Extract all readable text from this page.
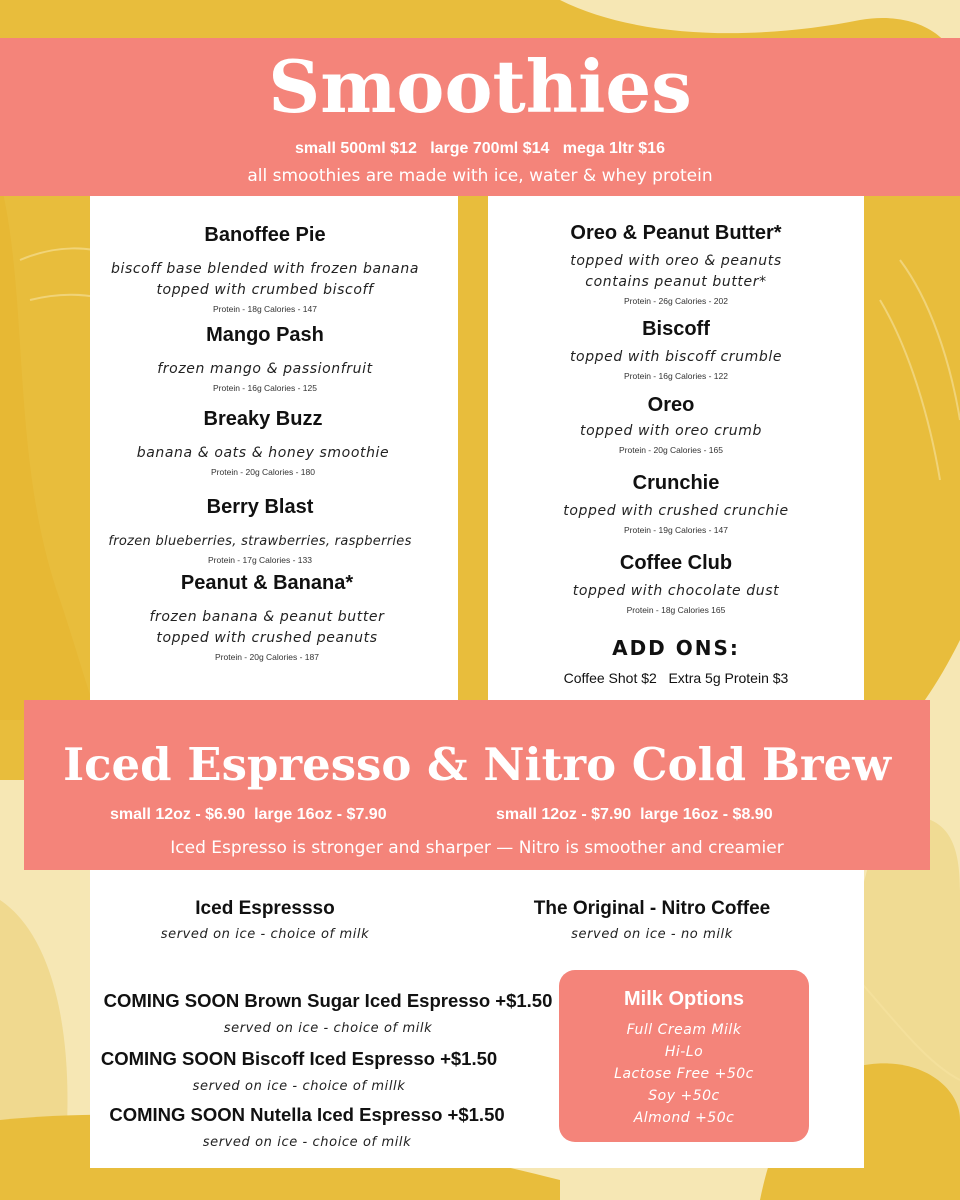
Smoothies
small 500ml $12   large 700ml $14   mega 1ltr $16
all smoothies are made with ice, water & whey protein
Banoffee Pie
biscoff base blended with frozen banana
topped with crumbed biscoff
Protein - 18g Calories - 147
Mango Pash
frozen mango & passionfruit
Protein - 16g Calories - 125
Breaky Buzz
banana & oats & honey smoothie
Protein - 20g Calories - 180
Berry Blast
frozen blueberries, strawberries, raspberries
Protein - 17g Calories - 133
Peanut & Banana*
frozen banana & peanut butter
topped with crushed peanuts
Protein - 20g Calories - 187
Oreo & Peanut Butter*
topped with oreo & peanuts
contains peanut butter*
Protein - 26g Calories - 202
Biscoff
topped with biscoff crumble
Protein - 16g Calories - 122
Oreo
topped with oreo crumb
Protein - 20g Calories - 165
Crunchie
topped with crushed crunchie
Protein - 19g Calories - 147
Coffee Club
topped with chocolate dust
Protein - 18g Calories 165
ADD ONS:
Coffee Shot $2   Extra 5g Protein $3
Iced Espresso & Nitro Cold Brew
small 12oz - $6.90  large 16oz - $7.90	small 12oz - $7.90  large 16oz - $8.90
Iced Espresso is stronger and sharper — Nitro is smoother and creamier
Iced Espressso
served on ice - choice of milk
The Original - Nitro Coffee
served on ice - no milk
COMING SOON Brown Sugar Iced Espresso +$1.50
served on ice - choice of milk
COMING SOON Biscoff Iced Espresso +$1.50
served on ice - choice of millk
COMING SOON Nutella Iced Espresso +$1.50
served on ice - choice of milk
Milk Options
Full Cream Milk
Hi-Lo
Lactose Free +50c
Soy +50c
Almond +50c
